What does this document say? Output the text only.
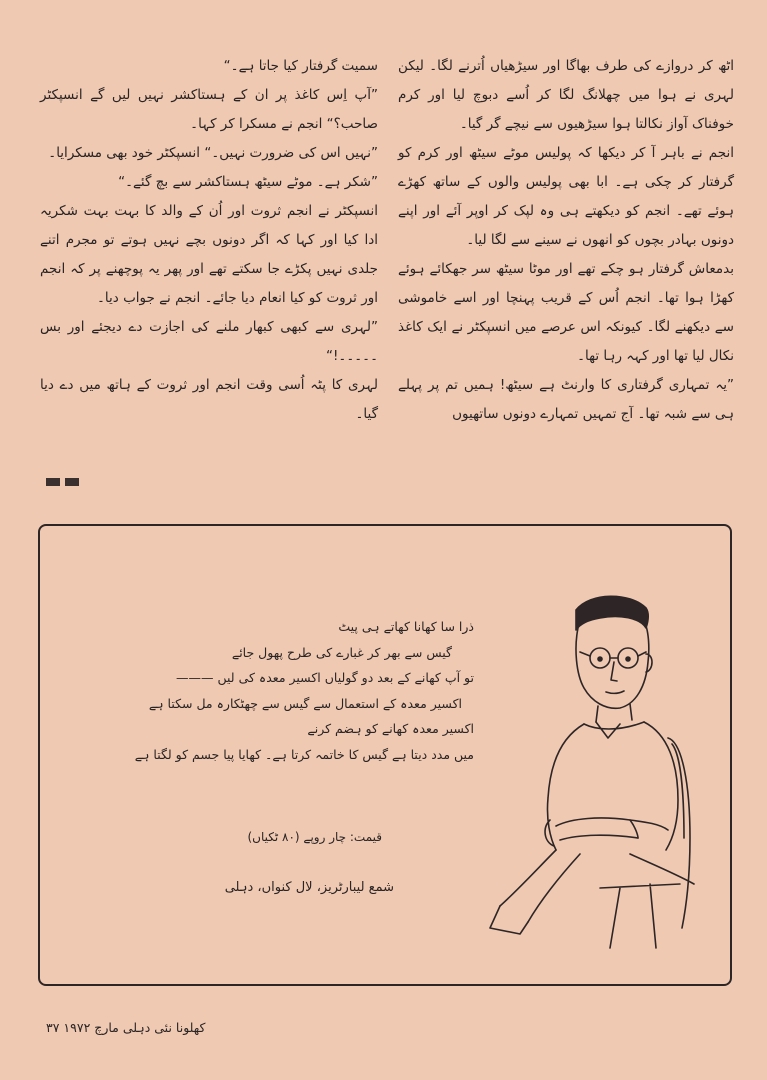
اٹھ کر دروازے کی طرف بھاگا اور سیڑھیاں اُترنے لگا۔ لیکن لہری نے ہوا میں چھلانگ لگا کر اُسے دبوچ لیا اور کرم خوفناک آواز نکالتا ہوا سیڑھیوں سے نیچے گر گیا۔

انجم نے باہر آ کر دیکھا کہ پولیس موٹے سیٹھ اور کرم کو گرفتار کر چکی ہے۔ ابا بھی پولیس والوں کے ساتھ کھڑے ہوئے تھے۔ انجم کو دیکھتے ہی وہ لپک کر اوپر آئے اور اپنے دونوں بہادر بچوں کو انھوں نے سینے سے لگا لیا۔

بدمعاش گرفتار ہو چکے تھے اور موٹا سیٹھ سر جھکائے ہوئے کھڑا ہوا تھا۔ انجم اُس کے قریب پہنچا اور اسے خاموشی سے دیکھنے لگا۔ کیونکہ اس عرصے میں انسپکٹر نے ایک کاغذ نکال لیا تھا اور کہہ رہا تھا۔

”یہ تمہاری گرفتاری کا وارنٹ ہے سیٹھ! ہمیں تم پر پہلے ہی سے شبہ تھا۔ آج تمہیں تمہارے دونوں ساتھیوں

سمیت گرفتار کیا جاتا ہے۔“

”آپ اِس کاغذ پر ان کے ہستاکشر نہیں لیں گے انسپکٹر صاحب؟“ انجم نے مسکرا کر کہا۔

”نہیں اس کی ضرورت نہیں۔“ انسپکٹر خود بھی مسکرایا۔

”شکر ہے۔ موٹے سیٹھ ہستاکشر سے بچ گئے۔“

انسپکٹر نے انجم ثروت اور اُن کے والد کا بہت بہت شکریہ ادا کیا اور کہا کہ اگر دونوں بچے نہیں ہوتے تو مجرم اتنے جلدی نہیں پکڑے جا سکتے تھے اور پھر یہ پوچھنے پر کہ انجم اور ثروت کو کیا انعام دیا جائے۔ انجم نے جواب دیا۔

”لہری سے کبھی کبھار ملنے کی اجازت دے دیجئے اور بس ۔۔۔۔۔!“

لہری کا پٹہ اُسی وقت انجم اور ثروت کے ہاتھ میں دے دیا گیا۔

ذرا سا کھانا کھاتے ہی پیٹ
گیس سے بھر کر غبارے کی طرح پھول جائے
تو آپ کھانے کے بعد دو گولیاں اکسیر معدہ کی لیں ———
اکسیر معدہ کے استعمال سے گیس سے چھٹکارہ مل سکتا ہے
اکسیر معدہ کھانے کو ہضم کرنے
میں مدد دیتا ہے گیس کا خاتمہ کرتا ہے۔ کھایا پیا جسم کو لگتا ہے
قیمت: چار روپے (۸۰ ٹکیاں)
شمع لیبارٹریز، لال کنواں، دہلی
کھلونا نئی دہلی مارچ ۱۹۷۲ ۳۷
